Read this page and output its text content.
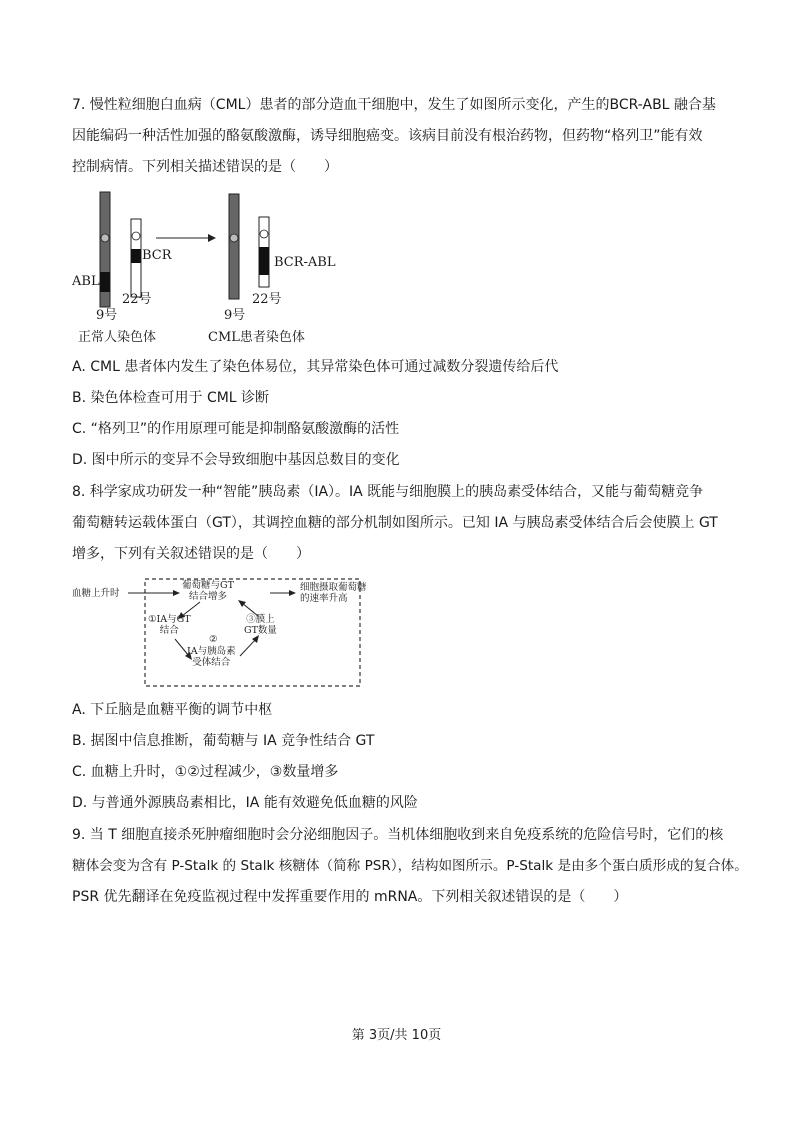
7. 慢性粒细胞白血病（CML）患者的部分造血干细胞中，发生了如图所示变化，产生的BCR-ABL 融合基
因能编码一种活性加强的酪氨酸激酶，诱导细胞癌变。该病目前没有根治药物，但药物“格列卫”能有效
控制病情。下列相关描述错误的是（　　）
BCR
ABL
22号
9号
正常人染色体
BCR-ABL
22号
9号
CML患者染色体
A. CML 患者体内发生了染色体易位，其异常染色体可通过减数分裂遗传给后代
B. 染色体检查可用于 CML 诊断
C. “格列卫”的作用原理可能是抑制酪氨酸激酶的活性
D. 图中所示的变异不会导致细胞中基因总数目的变化
8. 科学家成功研发一种“智能”胰岛素（IA）。IA 既能与细胞膜上的胰岛素受体结合，又能与葡萄糖竞争
葡萄糖转运载体蛋白（GT），其调控血糖的部分机制如图所示。已知 IA 与胰岛素受体结合后会使膜上 GT
增多，下列有关叙述错误的是（　　）
血糖上升时
葡萄糖与GT
结合增多
①IA与GT
结合
③膜上
GT数量
②
IA与胰岛素
受体结合
细胞摄取葡萄糖
的速率升高
A. 下丘脑是血糖平衡的调节中枢
B. 据图中信息推断，葡萄糖与 IA 竞争性结合 GT
C. 血糖上升时，①②过程减少，③数量增多
D. 与普通外源胰岛素相比，IA 能有效避免低血糖的风险
9. 当 T 细胞直接杀死肿瘤细胞时会分泌细胞因子。当机体细胞收到来自免疫系统的危险信号时，它们的核
糖体会变为含有 P-Stalk 的 Stalk 核糖体（简称 PSR），结构如图所示。P-Stalk 是由多个蛋白质形成的复合体。
PSR 优先翻译在免疫监视过程中发挥重要作用的 mRNA。下列相关叙述错误的是（　　）
第 3页/共 10页
